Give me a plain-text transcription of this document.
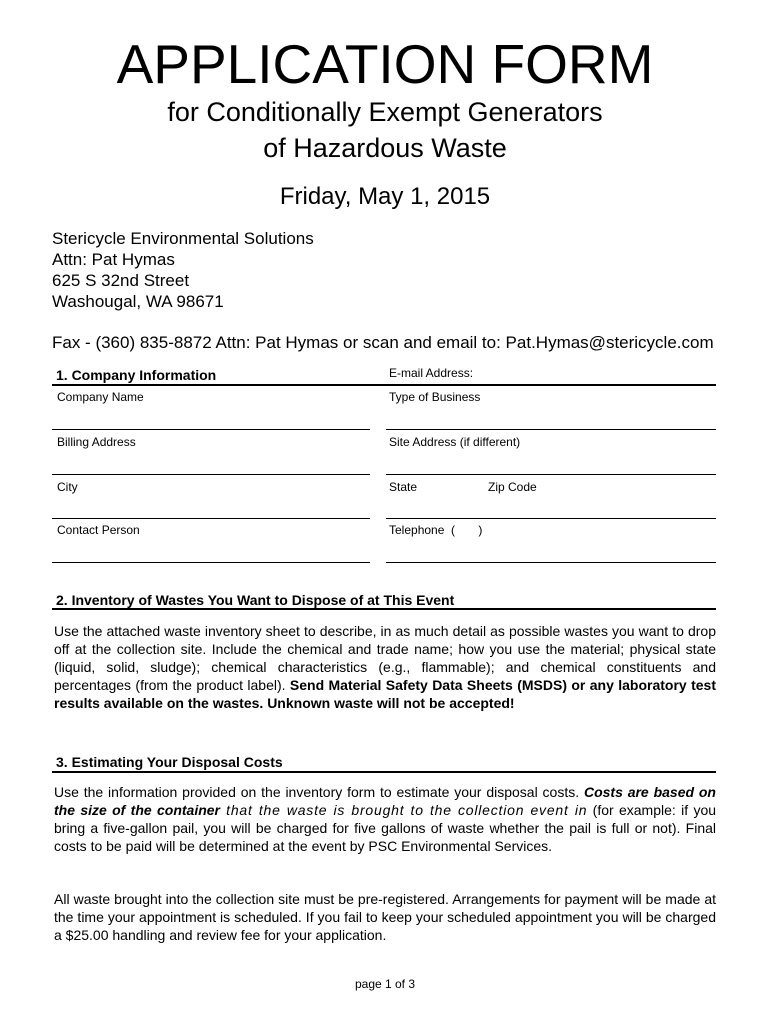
APPLICATION FORM
for Conditionally Exempt Generators
of Hazardous Waste
Friday, May 1, 2015
Stericycle Environmental Solutions
Attn: Pat Hymas
625 S 32nd Street
Washougal, WA 98671
Fax - (360) 835-8872 Attn: Pat Hymas or scan and email to: Pat.Hymas@stericycle.com
1. Company Information	E-mail Address:
Company Name	Type of Business
Billing Address	Site Address (if different)
City	State	Zip Code
Contact Person	Telephone  (       )
2. Inventory of Wastes You Want to Dispose of at This Event
Use the attached waste inventory sheet to describe, in as much detail as possible wastes you want to drop off at the collection site. Include the chemical and trade name; how you use the material; physical state (liquid, solid, sludge); chemical characteristics (e.g., flammable); and chemical constituents and percentages (from the product label). Send Material Safety Data Sheets (MSDS) or any laboratory test results available on the wastes. Unknown waste will not be accepted!
3. Estimating Your Disposal Costs
Use the information provided on the inventory form to estimate your disposal costs. Costs are based on the size of the container that the waste is brought to the collection event in (for example: if you bring a five-gallon pail, you will be charged for five gallons of waste whether the pail is full or not). Final costs to be paid will be determined at the event by PSC Environmental Services.
All waste brought into the collection site must be pre-registered. Arrangements for payment will be made at the time your appointment is scheduled. If you fail to keep your scheduled appointment you will be charged a $25.00 handling and review fee for your application.
page 1 of 3
